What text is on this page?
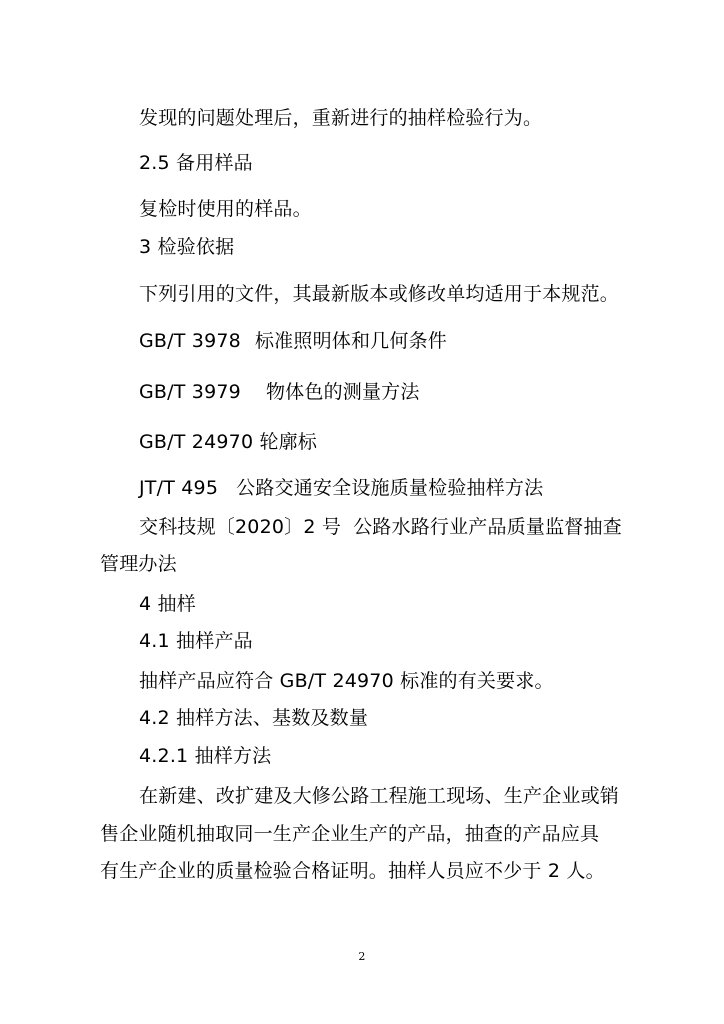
发现的问题处理后，重新进行的抽样检验行为。
2.5 备用样品
复检时使用的样品。
3 检验依据
下列引用的文件，其最新版本或修改单均适用于本规范。
GB/T 3978 标准照明体和几何条件
GB/T 3979 物体色的测量方法
GB/T 24970 轮廓标
JT/T 495 公路交通安全设施质量检验抽样方法
交科技规〔2020〕2 号 公路水路行业产品质量监督抽查
管理办法
4 抽样
4.1 抽样产品
抽样产品应符合 GB/T 24970 标准的有关要求。
4.2 抽样方法、基数及数量
4.2.1 抽样方法
在新建、改扩建及大修公路工程施工现场、生产企业或销
售企业随机抽取同一生产企业生产的产品，抽查的产品应具
有生产企业的质量检验合格证明。抽样人员应不少于 2 人。
2
